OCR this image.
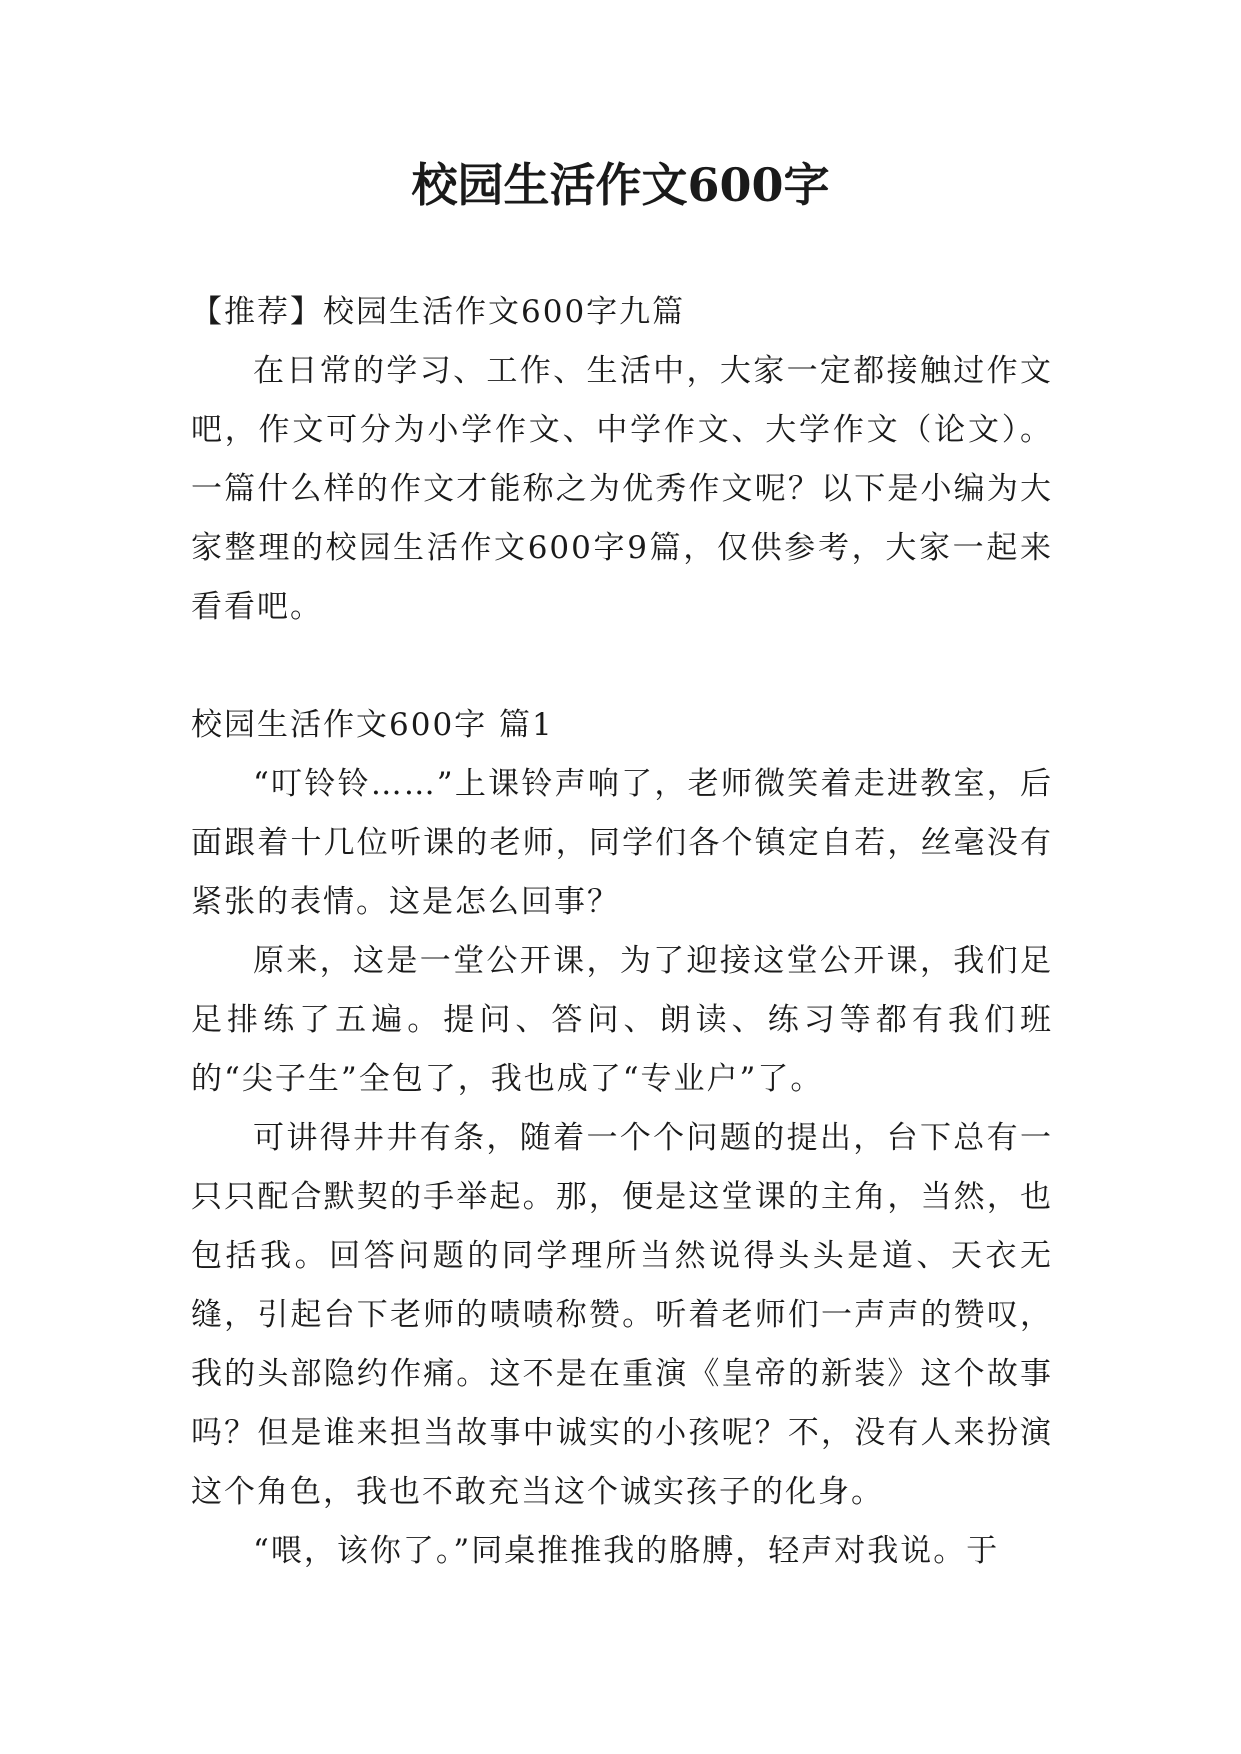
校园生活作文600字

【推荐】校园生活作文600字九篇

在日常的学习、工作、生活中，大家一定都接触过作文吧，作文可分为小学作文、中学作文、大学作文（论文）。一篇什么样的作文才能称之为优秀作文呢？以下是小编为大家整理的校园生活作文600字9篇，仅供参考，大家一起来看看吧。

校园生活作文600字 篇1

“叮铃铃……”上课铃声响了，老师微笑着走进教室，后面跟着十几位听课的老师，同学们各个镇定自若，丝毫没有紧张的表情。这是怎么回事？

原来，这是一堂公开课，为了迎接这堂公开课，我们足足排练了五遍。提问、答问、朗读、练习等都有我们班的“尖子生”全包了，我也成了“专业户”了。

可讲得井井有条，随着一个个问题的提出，台下总有一只只配合默契的手举起。那，便是这堂课的主角，当然，也包括我。回答问题的同学理所当然说得头头是道、天衣无缝，引起台下老师的啧啧称赞。听着老师们一声声的赞叹，我的头部隐约作痛。这不是在重演《皇帝的新装》这个故事吗？但是谁来担当故事中诚实的小孩呢？不，没有人来扮演这个角色，我也不敢充当这个诚实孩子的化身。

“喂，该你了。”同桌推推我的胳膊，轻声对我说。于
